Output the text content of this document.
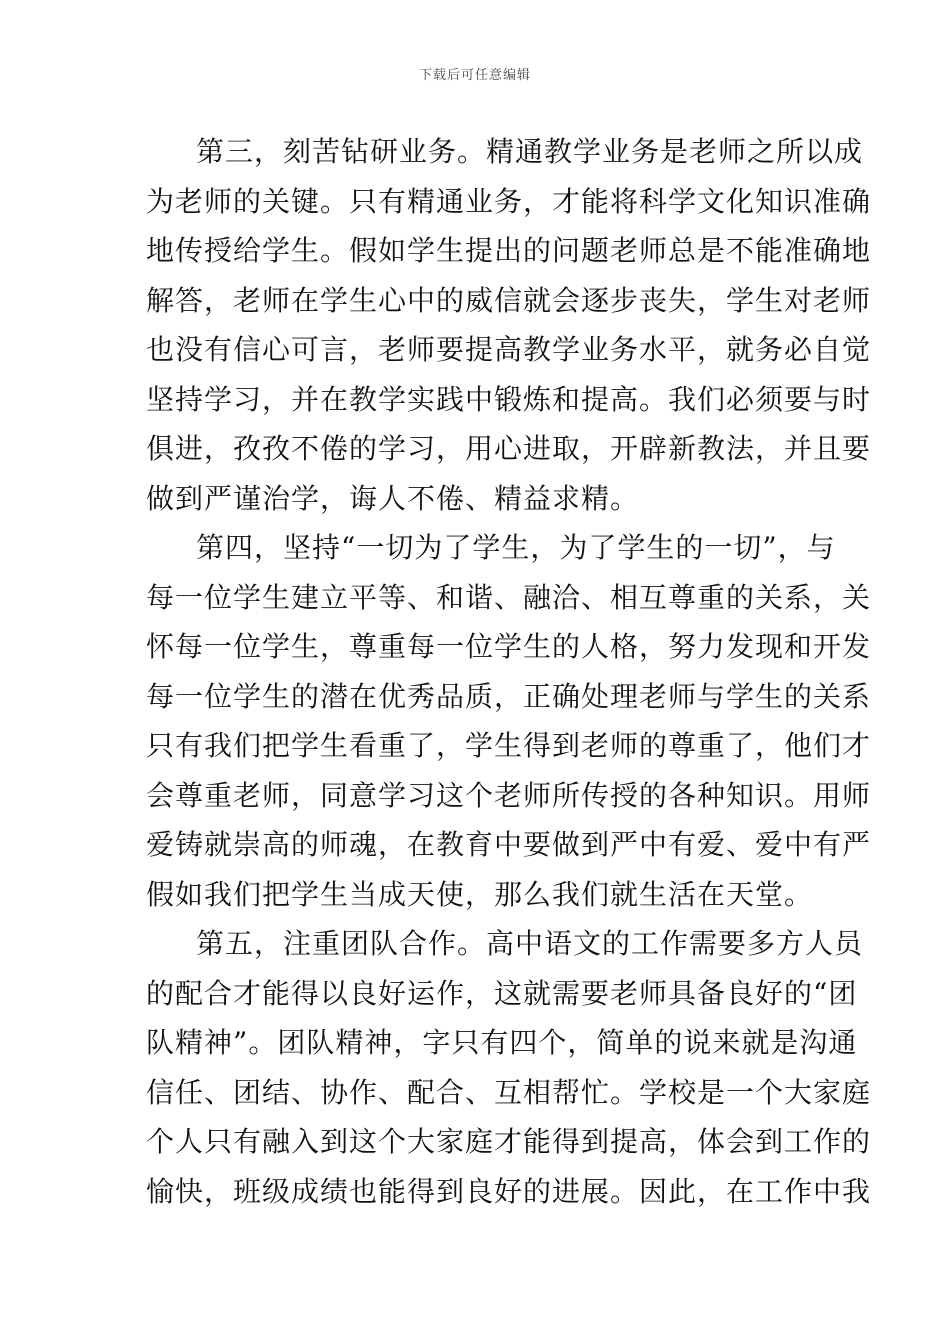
下载后可任意编辑
第三，刻苦钻研业务。精通教学业务是老师之所以成
为老师的关键。只有精通业务，才能将科学文化知识准确
地传授给学生。假如学生提出的问题老师总是不能准确地
解答，老师在学生心中的威信就会逐步丧失，学生对老师
也没有信心可言，老师要提高教学业务水平，就务必自觉
坚持学习，并在教学实践中锻炼和提高。我们必须要与时
俱进，孜孜不倦的学习，用心进取，开辟新教法，并且要
做到严谨治学，诲人不倦、精益求精。
第四，坚持“一切为了学生，为了学生的一切”，与
每一位学生建立平等、和谐、融洽、相互尊重的关系，关
怀每一位学生，尊重每一位学生的人格，努力发现和开发
每一位学生的潜在优秀品质，正确处理老师与学生的关系
只有我们把学生看重了，学生得到老师的尊重了，他们才
会尊重老师，同意学习这个老师所传授的各种知识。用师
爱铸就崇高的师魂，在教育中要做到严中有爱、爱中有严
假如我们把学生当成天使，那么我们就生活在天堂。
第五，注重团队合作。高中语文的工作需要多方人员
的配合才能得以良好运作，这就需要老师具备良好的“团
队精神”。团队精神，字只有四个，简单的说来就是沟通
信任、团结、协作、配合、互相帮忙。学校是一个大家庭
个人只有融入到这个大家庭才能得到提高，体会到工作的
愉快，班级成绩也能得到良好的进展。因此，在工作中我
